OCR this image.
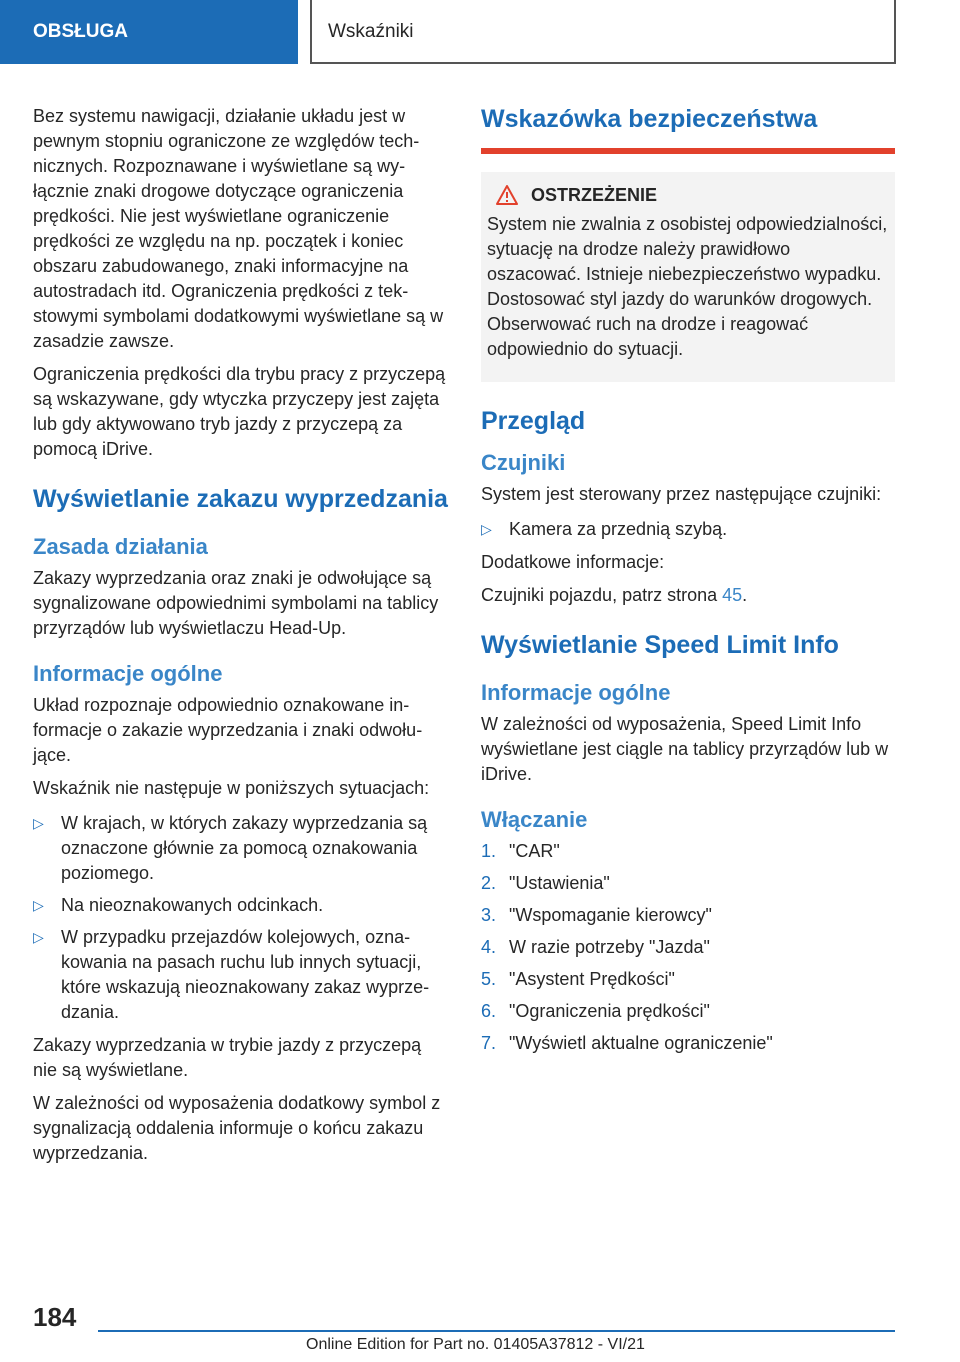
OBSŁUGA	Wskaźniki

Bez systemu nawigacji, działanie układu jest w pewnym stopniu ograniczone ze względów technicznych. Rozpoznawane i wyświetlane są wyłącznie znaki drogowe dotyczące ograniczenia prędkości. Nie jest wyświetlane ograniczenie prędkości ze względu na np. początek i koniec obszaru zabudowanego, znaki informacyjne na autostradach itd. Ograniczenia prędkości z tekstowymi symbolami dodatkowymi wyświetlane są w zasadzie zawsze.

Ograniczenia prędkości dla trybu pracy z przyczepą są wskazywane, gdy wtyczka przyczepy jest zajęta lub gdy aktywowano tryb jazdy z przyczepą za pomocą iDrive.

Wyświetlanie zakazu wyprzedzania
Zasada działania

Zakazy wyprzedzania oraz znaki je odwołujące są sygnalizowane odpowiednimi symbolami na tablicy przyrządów lub wyświetlaczu Head-Up.

Informacje ogólne

Układ rozpoznaje odpowiednio oznakowane informacje o zakazie wyprzedzania i znaki odwołujące.

Wskaźnik nie następuje w poniższych sytuacjach:

▷ W krajach, w których zakazy wyprzedzania są oznaczone głównie za pomocą oznakowania poziomego.
▷ Na nieoznakowanych odcinkach.
▷ W przypadku przejazdów kolejowych, oznakowania na pasach ruchu lub innych sytuacji, które wskazują nieoznakowany zakaz wyprzedzania.

Zakazy wyprzedzania w trybie jazdy z przyczepą nie są wyświetlane.

W zależności od wyposażenia dodatkowy symbol z sygnalizacją oddalenia informuje o końcu zakazu wyprzedzania.

Wskazówka bezpieczeństwa
OSTRZEŻENIE

System nie zwalnia z osobistej odpowiedzialności, sytuację na drodze należy prawidłowo oszacować. Istnieje niebezpieczeństwo wypadku. Dostosować styl jazdy do warunków drogowych. Obserwować ruch na drodze i reagować odpowiednio do sytuacji.

Przegląd
Czujniki

System jest sterowany przez następujące czujniki:

▷ Kamera za przednią szybą.

Dodatkowe informacje:

Czujniki pojazdu, patrz strona 45.

Wyświetlanie Speed Limit Info
Informacje ogólne

W zależności od wyposażenia, Speed Limit Info wyświetlane jest ciągle na tablicy przyrządów lub w iDrive.

Włączanie
1. "CAR"
2. "Ustawienia"
3. "Wspomaganie kierowcy"
4. W razie potrzeby "Jazda"
5. "Asystent Prędkości"
6. "Ograniczenia prędkości"
7. "Wyświetl aktualne ograniczenie"
184
Online Edition for Part no. 01405A37812 - VI/21
